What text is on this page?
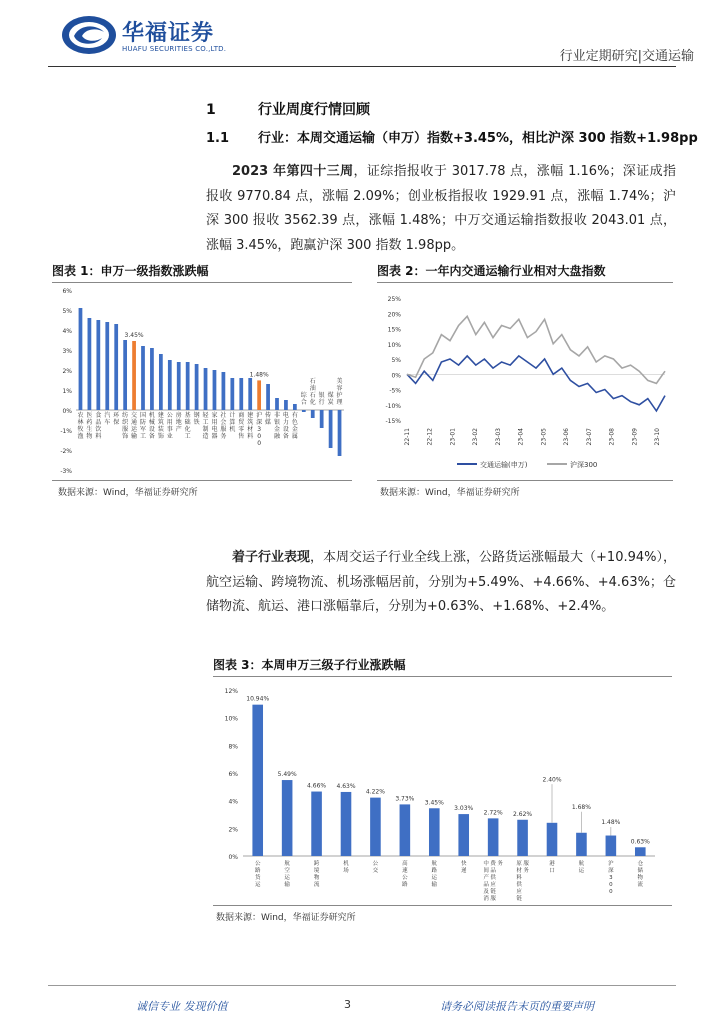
华福证券
HUAFU SECURITIES CO.,LTD.	行业定期研究|交通运输
1	行业周度行情回顾
1.1 行业：本周交通运输（申万）指数+3.45%，相比沪深 300 指数+1.98pp
2023 年第四十三周，证综指报收于 3017.78 点，涨幅 1.16%；深证成指报收 9770.84 点，涨幅 2.09%；创业板指报收 1929.91 点，涨幅 1.74%；沪深 300 报收 3562.39 点，涨幅 1.48%；中万交通运输指数报收 2043.01 点，涨幅 3.45%，跑赢沪深 300 指数 1.98pp。
图表 1：申万一级指数涨跌幅
-3%
-2%
-1%
0%
1%
2%
3%
4%
5%
6%
农
林
牧
渔
医
药
生
物
食
品
饮
料
汽
车
环
保
纺
织
服
饰
3.45%
交
通
运
输
国
防
军
工
机
械
设
备
建
筑
装
饰
公
用
事
业
房
地
产
基
础
化
工
钢
铁
轻
工
制
造
家
用
电
器
社
会
服
务
计
算
机
商
贸
零
售
建
筑
材
料
1.48%
沪
深
3
0
0
传
媒
非
银
金
融
电
力
设
备
有
色
金
属
综
合
石
油
石
化
银
行
煤
炭
美
容
护
理
数据来源：Wind，华福证券研究所
图表 2：一年内交通运输行业相对大盘指数
-15%
-10%
-5%
0%
5%
10%
15%
20%
25%
22-11	22-12	23-01	23-02	23-03	23-04	23-05	23-06	23-07	23-08	23-09	23-10
交通运输(申万)	沪深300
数据来源：Wind，华福证券研究所
着子行业表现，本周交运子行业全线上涨，公路货运涨幅最大（+10.94%），航空运输、跨境物流、机场涨幅居前，分别为+5.49%、+4.66%、+4.63%；仓储物流、航运、港口涨幅靠后，分别为+0.63%、+1.68%、+2.4%。
图表 3：本周申万三级子行业涨跌幅
0%
2%
4%
6%
8%
10%
12%
10.94%
公
路
货
运
5.49%
航
空
运
输
4.66%
跨
境
物
流
4.63%
机
场
4.22%
公
交
3.73%
高
速
公
路
3.45%
航
路
运
输
3.03%
快
递
2.72%
中
间
产
品
及
消
费
品
供
应
链
服
务
2.62%
原
材
料
供
应
链
服
务
2.40%
港
口
1.68%
航
运
1.48%
沪
深
3
0
0
0.63%
仓
储
物
流
数据来源：Wind，华福证券研究所
诚信专业 发现价值	3	请务必阅读报告末页的重要声明
